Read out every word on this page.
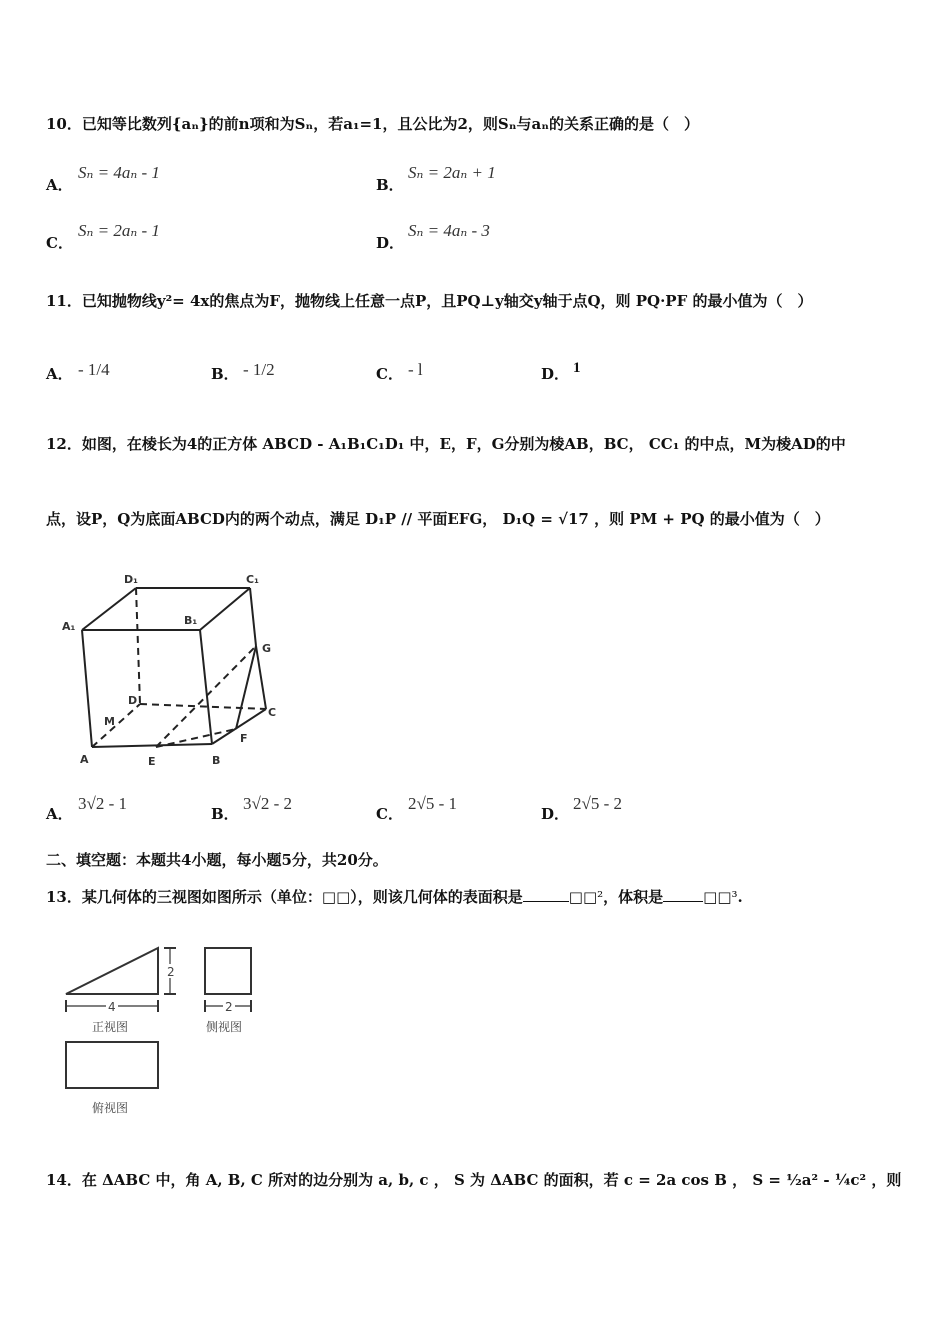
10．已知等比数列{aₙ}的前n项和为Sₙ，若a₁=1，且公比为2，则Sₙ与aₙ的关系正确的是（　）
A．
Sₙ = 4aₙ - 1
B．
Sₙ = 2aₙ + 1
C．
Sₙ = 2aₙ - 1
D．
Sₙ = 4aₙ - 3
11．已知抛物线y²= 4x的焦点为F，抛物线上任意一点P，且PQ⊥y轴交y轴于点Q，则 PQ·PF 的最小值为（　）
A． - 1/4	B． - 1/2	C． - l	D． 1
12．如图，在棱长为4的正方体 ABCD - A₁B₁C₁D₁ 中，E，F，G分别为棱AB，BC， CC₁ 的中点，M为棱AD的中
点，设P，Q为底面ABCD内的两个动点，满足 D₁P // 平面EFG， D₁Q = √17 ，则 PM + PQ 的最小值为（　）
D₁	C₁
A₁	B₁
G
D
C
M
F
A	E	B
A．
3√2 - 1
B．
3√2 - 2
C．
2√5 - 1
D．
2√5 - 2
二、填空题：本题共4小题，每小题5分，共20分。
13．某几何体的三视图如图所示（单位：□□），则该几何体的表面积是	□□²，体积是	□□³.
2
4	2
正视图	侧视图
俯视图
14．在 ΔABC 中，角 A, B, C 所对的边分别为 a, b, c ， S 为 ΔABC 的面积，若 c = 2a cos B ， S = ½a² - ¼c² ，则
